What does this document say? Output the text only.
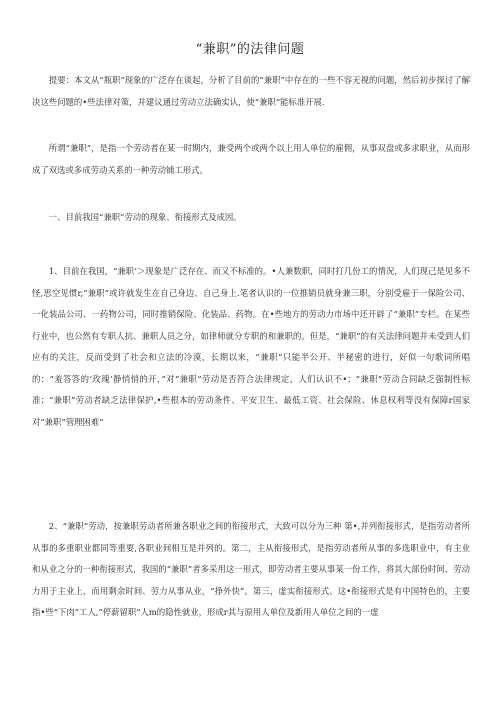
“兼职”的法律问题

提要：本文从“瓶职”现象的广泛存在谈起，分析了目前的“兼职”中存在的一些不容无视的问题，然后初步探讨了解决这些问题的•些法律对策，并建议通过劳动立法确实认，使“兼职”能标准开展.

所谓“兼职”，是指一个劳动者在某一时期内，兼受两个或两个以上用人单位的雇佣，从事双盘或多求职业，从而形成了双选或多成劳动关系的一种劳动铺工形式。

一、目前我国“兼职”劳动的现象、衔接形式及成因。

1、目前在我国，“兼职’＞现象是广泛存在、而又不标准的。•人兼数职，同时打几份工的情况，人们现己是见多不怪,思空见惯r,“兼职”或许就发生在自己身边、自己身上.笔者认识的一位推销员就身兼三职，分别受雇于一保险公司、一化装品公司、一药物公司，同时推销保险、化装品、药物。在•些地方的劳动力市场中还开辟了“兼职”专栏。在某些行业中，也公然有专职人抗、兼职人员之分，如律师就分专职的和兼职的。但是，“兼职”的有关法律问题并未受到人们应有的关注，反而受到了社会和立法的冷漠，长期以来，“兼职”只能半公开、半秘密的进行，好似一句歌词所唱的：“羞答答的‘玫瑰’静悄悄的开，”对“兼职”劳动是否符合法律规定，人们认识不•；“兼职”劳动合同缺乏强制性标准；“兼职”劳动者缺乏法律保护,•些根本的劳动条件、平安卫生、最低工资、社会保险、休息权利等没有保障r国家对“兼职”管理困难“

2、“兼职”劳动，按兼职劳动者所兼各职业之间的衔接形式，大致可以分为三种 第•,并列衔接形式，是指劳动者所从事的多重职业都同等重要,各职业间相互是并列的。第二，主从衔接形式，是指劳动者所从事的多选职业中，有主业和从业之分的一种衔接形式，我国的“兼职”者多采用这一形式，即劳动者主要从事某一份工作，将其大部份时间、劳动力用于主业上，而用剩余时间、劳力从事从业，“挣外快”。第三，虚实衔接形式、这•衔接形式是有中国特色的，主要指•些“下肉”工人,“停薪留职”人m的隐性就业，形成r其与原用人单位及新用人单位之间的一虚
